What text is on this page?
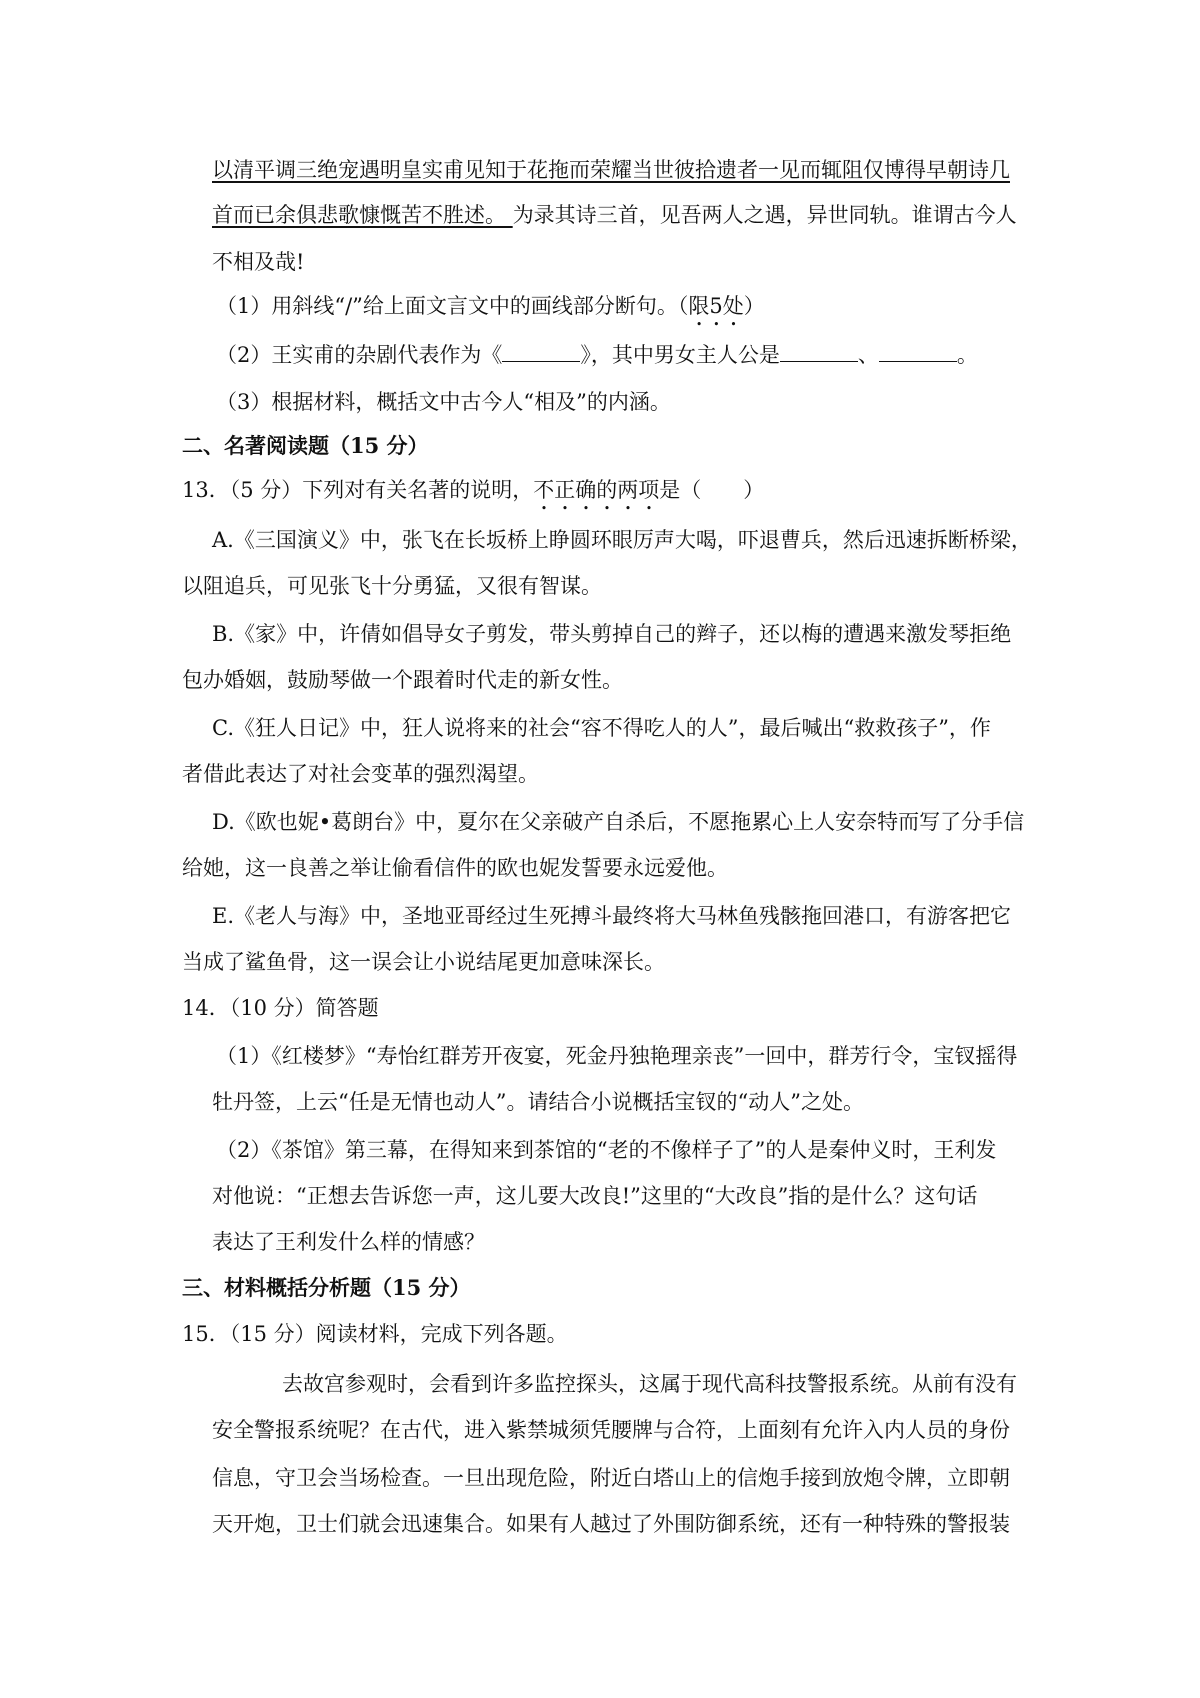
以清平调三绝宠遇明皇实甫见知于花拖而荣耀当世彼拾遗者一见而辄阻仅博得早朝诗几
首而已余俱悲歌慷慨苦不胜述。 为录其诗三首，见吾两人之遇，异世同轨。谁谓古今人
不相及哉!
（1）用斜线“/”给上面文言文中的画线部分断句。（限5处）
（2）王实甫的杂剧代表作为《	》，其中男女主人公是	、	。
（3）根据材料，概括文中古今人“相及”的内涵。
二、名著阅读题（15 分）
13．（5 分）下列对有关名著的说明，不正确的两项是（　　）
A.《三国演义》中，张飞在长坂桥上睁圆环眼厉声大喝，吓退曹兵，然后迅速拆断桥梁，
以阻追兵，可见张飞十分勇猛，又很有智谋。
B.《家》中，许倩如倡导女子剪发，带头剪掉自己的辫子，还以梅的遭遇来激发琴拒绝
包办婚姻，鼓励琴做一个跟着时代走的新女性。
C.《狂人日记》中，狂人说将来的社会“容不得吃人的人”，最后喊出“救救孩子”，作
者借此表达了对社会变革的强烈渴望。
D.《欧也妮•葛朗台》中，夏尔在父亲破产自杀后，不愿拖累心上人安奈特而写了分手信
给她，这一良善之举让偷看信件的欧也妮发誓要永远爱他。
E.《老人与海》中，圣地亚哥经过生死搏斗最终将大马林鱼残骸拖回港口，有游客把它
当成了鲨鱼骨，这一误会让小说结尾更加意味深长。
14．（10 分）简答题
（1）《红楼梦》“寿怡红群芳开夜宴，死金丹独艳理亲丧”一回中，群芳行令，宝钗摇得
牡丹签，上云“任是无情也动人”。请结合小说概括宝钗的“动人”之处。
（2）《茶馆》第三幕，在得知来到茶馆的“老的不像样子了”的人是秦仲义时，王利发
对他说：“正想去告诉您一声，这儿要大改良!”这里的“大改良”指的是什么？这句话
表达了王利发什么样的情感？
三、材料概括分析题（15 分）
15．（15 分）阅读材料，完成下列各题。
去故宫参观时，会看到许多监控探头，这属于现代高科技警报系统。从前有没有
安全警报系统呢？在古代，进入紫禁城须凭腰牌与合符，上面刻有允许入内人员的身份
信息，守卫会当场检查。一旦出现危险，附近白塔山上的信炮手接到放炮令牌，立即朝
天开炮，卫士们就会迅速集合。如果有人越过了外围防御系统，还有一种特殊的警报装
